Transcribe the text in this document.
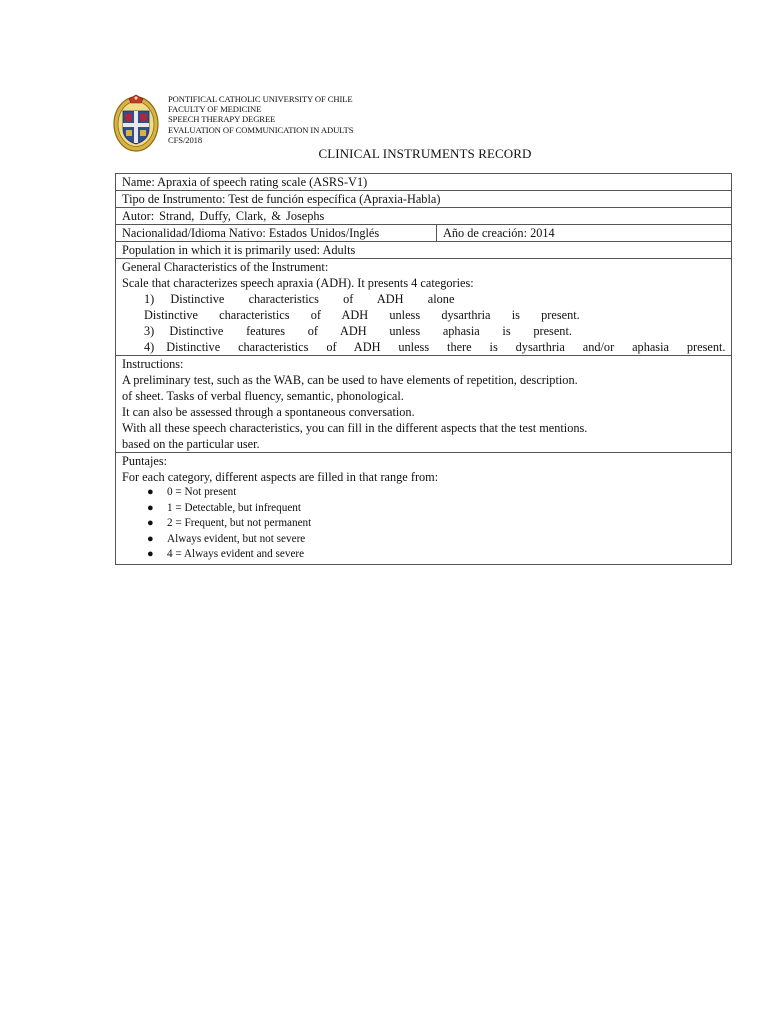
PONTIFICAL CATHOLIC UNIVERSITY OF CHILE
FACULTY OF MEDICINE
SPEECH THERAPY DEGREE
EVALUATION OF COMMUNICATION IN ADULTS
CFS/2018
CLINICAL INSTRUMENTS RECORD
Name: Apraxia of speech rating scale (ASRS-V1)
Tipo de Instrumento: Test de función específica (Apraxia-Habla)
Autor: Strand, Duffy, Clark, & Josephs
Nacionalidad/Idioma Nativo: Estados Unidos/Inglés	Año de creación: 2014
Population in which it is primarily used: Adults

General Characteristics of the Instrument:
Scale that characterizes speech apraxia (ADH). It presents 4 categories:
1)  Distinctive   characteristics   of   ADH   alone
Distinctive   characteristics   of   ADH   unless   dysarthria   is   present.
3)  Distinctive   features   of   ADH   unless   aphasia   is   present.
4)  Distinctive   characteristics   of   ADH   unless   there   is   dysarthria   and/or   aphasia   present.

Instructions:
A preliminary test, such as the WAB, can be used to have elements of repetition, description.
of sheet. Tasks of verbal fluency, semantic, phonological.
It can also be assessed through a spontaneous conversation.
With all these speech characteristics, you can fill in the different aspects that the test mentions.
based on the particular user.

Puntajes:
For each category, different aspects are filled in that range from:
● 0 = Not present
● 1 = Detectable, but infrequent
● 2 = Frequent, but not permanent
● Always evident, but not severe
● 4 = Always evident and severe
